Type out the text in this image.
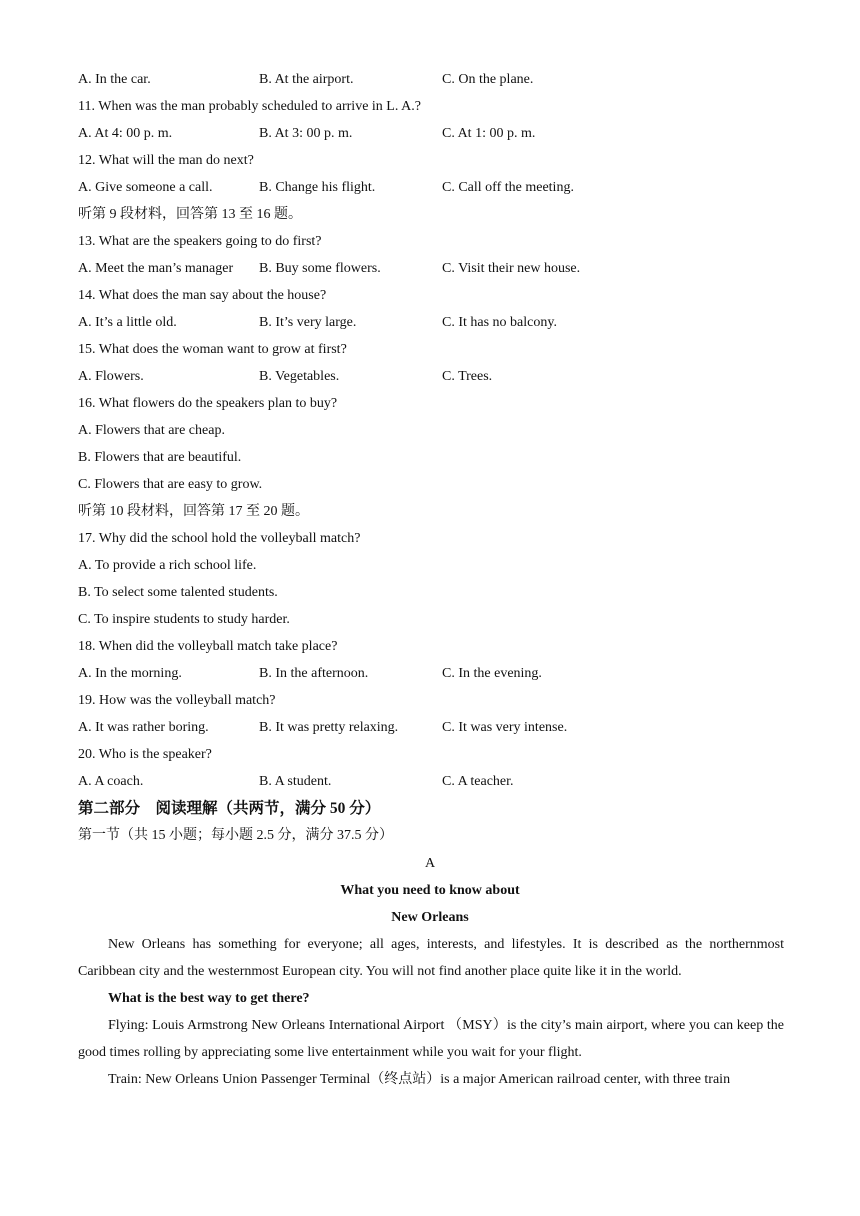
A. In the car.	B. At the airport.	C. On the plane.
11. When was the man probably scheduled to arrive in L. A.?
A. At 4: 00 p. m.	B. At 3: 00 p. m.	C. At 1: 00 p. m.
12. What will the man do next?
A. Give someone a call.	B. Change his flight.	C. Call off the meeting.
听第 9 段材料，回答第 13 至 16 题。
13. What are the speakers going to do first?
A. Meet the man’s manager B. Buy some flowers.	C. Visit their new house.
14. What does the man say about the house?
A. It’s a little old.	B. It’s very large.	C. It has no balcony.
15. What does the woman want to grow at first?
A. Flowers.	B. Vegetables.	C. Trees.
16. What flowers do the speakers plan to buy?
A. Flowers that are cheap.
B. Flowers that are beautiful.
C. Flowers that are easy to grow.
听第 10 段材料，回答第 17 至 20 题。
17. Why did the school hold the volleyball match?
A. To provide a rich school life.
B. To select some talented students.
C. To inspire students to study harder.
18. When did the volleyball match take place?
A. In the morning.	B. In the afternoon.	C. In the evening.
19. How was the volleyball match?
A. It was rather boring.	B. It was pretty relaxing.	C. It was very intense.
20. Who is the speaker?
A. A coach.	B. A student.	C. A teacher.
第二部分　阅读理解（共两节，满分 50 分）
第一节（共 15 小题；每小题 2.5 分，满分 37.5 分）
A
What you need to know about
New Orleans
New Orleans has something for everyone; all ages, interests, and lifestyles. It is described as the northernmost Caribbean city and the westernmost European city. You will not find another place quite like it in the world.
What is the best way to get there?
Flying: Louis Armstrong New Orleans International Airport （MSY）is the city’s main airport, where you can keep the good times rolling by appreciating some live entertainment while you wait for your flight.
Train: New Orleans Union Passenger Terminal（终点站）is a major American railroad center, with three train
